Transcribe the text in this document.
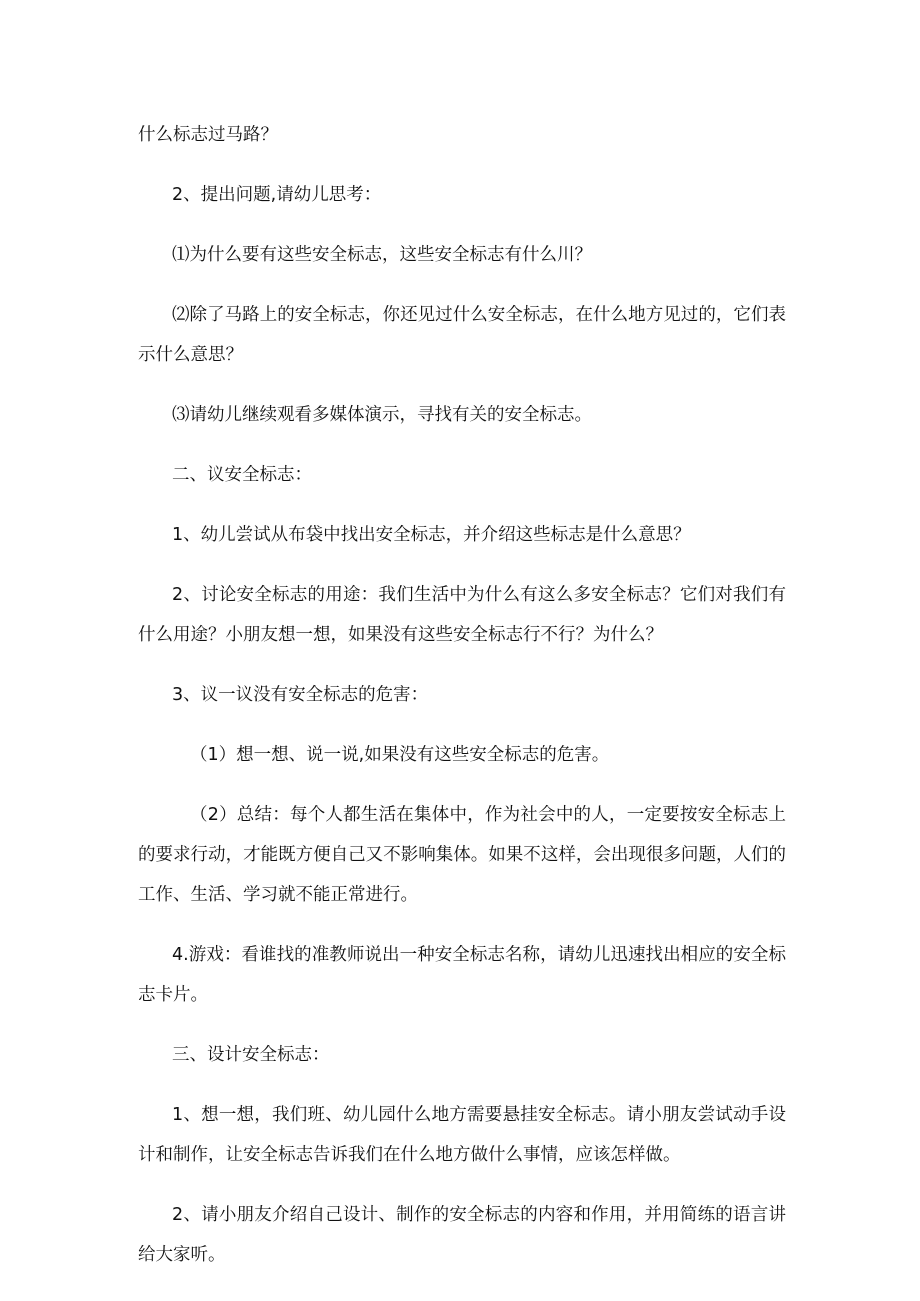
什么标志过马路？

2、提出问题,请幼儿思考：

⑴为什么要有这些安全标志，这些安全标志有什么川？

⑵除了马路上的安全标志，你还见过什么安全标志，在什么地方见过的，它们表示什么意思？

⑶请幼儿继续观看多媒体演示，寻找有关的安全标志。

二、议安全标志：

1、幼儿尝试从布袋中找出安全标志，并介绍这些标志是什么意思？

2、讨论安全标志的用途：我们生活中为什么有这么多安全标志？它们对我们有什么用途？小朋友想一想，如果没有这些安全标志行不行？为什么？

3、议一议没有安全标志的危害：

（1）想一想、说一说,如果没有这些安全标志的危害。

（2）总结：每个人都生活在集体中，作为社会中的人，一定要按安全标志上的要求行动，才能既方便自己又不影响集体。如果不这样，会出现很多问题，人们的工作、生活、学习就不能正常进行。

4.游戏：看谁找的准教师说出一种安全标志名称，请幼儿迅速找出相应的安全标志卡片。

三、设计安全标志：

1、想一想，我们班、幼儿园什么地方需要悬挂安全标志。请小朋友尝试动手设计和制作，让安全标志告诉我们在什么地方做什么事情，应该怎样做。

2、请小朋友介绍自己设计、制作的安全标志的内容和作用，并用简练的语言讲给大家听。
